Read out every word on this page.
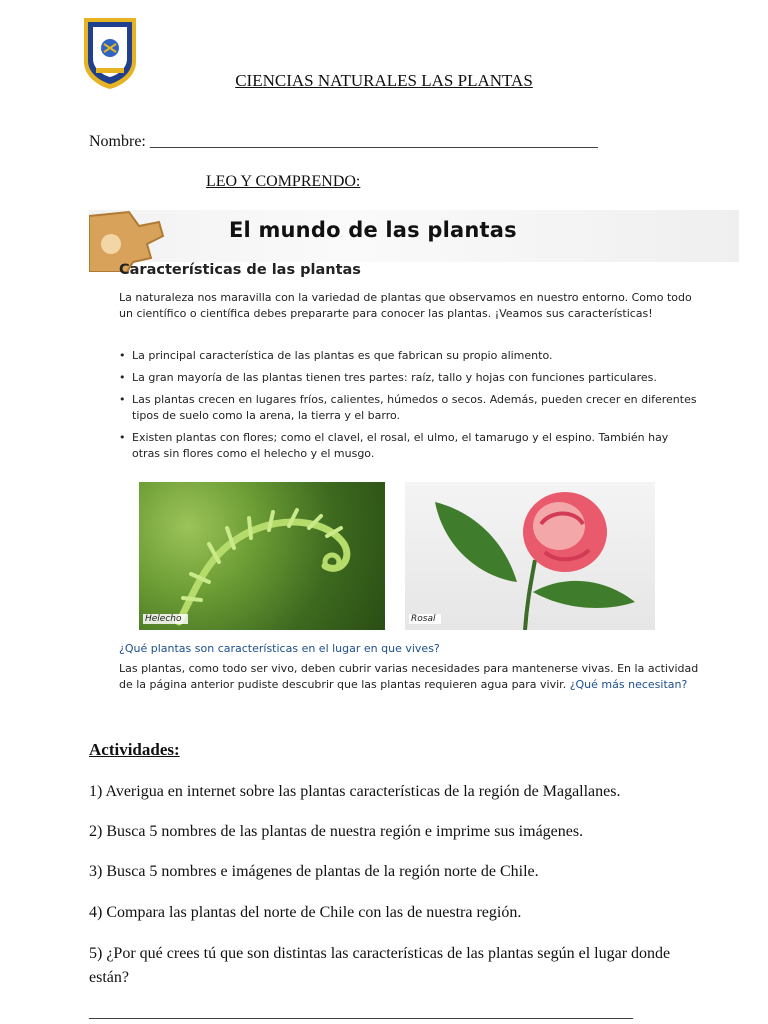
CIENCIAS NATURALES LAS PLANTAS
Nombre: ________________________________________________________
LEO Y COMPRENDO:
El mundo de las plantas
Características de las plantas
La naturaleza nos maravilla con la variedad de plantas que observamos en nuestro entorno. Como todo un científico o científica debes prepararte para conocer las plantas. ¡Veamos sus características!
• La principal característica de las plantas es que fabrican su propio alimento.
• La gran mayoría de las plantas tienen tres partes: raíz, tallo y hojas con funciones particulares.
• Las plantas crecen en lugares fríos, calientes, húmedos o secos. Además, pueden crecer en diferentes tipos de suelo como la arena, la tierra y el barro.
• Existen plantas con flores; como el clavel, el rosal, el ulmo, el tamarugo y el espino. También hay otras sin flores como el helecho y el musgo.
Helecho	Rosal
¿Qué plantas son características en el lugar en que vives?
Las plantas, como todo ser vivo, deben cubrir varias necesidades para mantenerse vivas. En la actividad de la página anterior pudiste descubrir que las plantas requieren agua para vivir. ¿Qué más necesitan?
Actividades:
1) Averigua en internet sobre las plantas características de la región de Magallanes.
2) Busca 5 nombres de las plantas de nuestra región e imprime sus imágenes.
3) Busca 5 nombres e imágenes de plantas de la región norte de Chile.
4) Compara las plantas del norte de Chile con las de nuestra región.
5) ¿Por qué crees tú que son distintas las características de las plantas según el lugar donde están?
____________________________________________________________________
